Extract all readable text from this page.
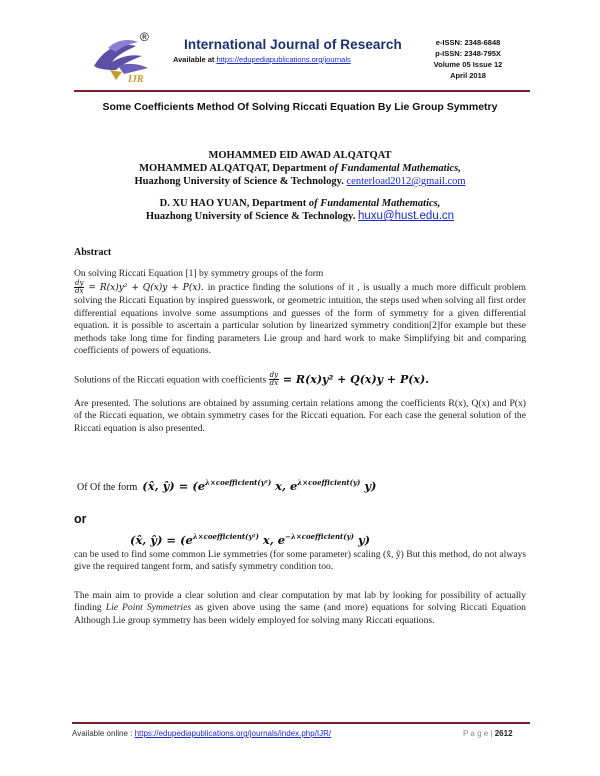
IJR
®	International Journal of Research
Available at https://edupediapublications.org/journals
e-ISSN: 2348-6848
p-ISSN: 2348-795X
Volume 05 Issue 12
April 2018
Some Coefficients Method Of Solving Riccati Equation By Lie Group Symmetry
MOHAMMED EID AWAD ALQATQAT
MOHAMMED ALQATQAT, Department of Fundamental Mathematics,
Huazhong University of Science & Technology. centerload2012@gmail.com
D. XU HAO YUAN, Department of Fundamental Mathematics,
Huazhong University of Science & Technology. huxu@hust.edu.cn
Abstract
On solving Riccati Equation [1] by symmetry groups of the form

$\frac{dy}{dx} = R(x)y^2 + Q(x)y + P(x)$. in practice finding the solutions of it , is usually a much more difficult problem solving the Riccati Equation by inspired guesswork, or geometric intuition, the steps used when solving all first order differential equations involve some assumptions and guesses of the form of symmetry for a given differential equation. it is possible to ascertain a particular solution by linearized symmetry condition[2]for example but these methods take long time for finding parameters Lie group and hard work to make Simplifying bit and comparing coefficients of powers of equations.
Solutions of the Riccati equation with coefficients $\frac{dy}{dx} = R(x)y^2 + Q(x)y + P(x)$.
Are presented. The solutions are obtained by assuming certain relations among the coefficients R(x), Q(x) and P(x) of the Riccati equation, we obtain symmetry cases for the Riccati equation. For each case the general solution of the Riccati equation is also presented.
Of Of the form (x̂, ŷ) = ($e^{\lambda\times coefficient(y^2)}$ x, $e^{\lambda\times coefficient(y)}$ y)
or
(x̂, ŷ) = ($e^{\lambda\times coefficient(y^2)}$ x, $e^{-\lambda\times coefficient(y)}$ y)
can be used to find some common Lie symmetries (for some parameter) scaling (x̂, ŷ) But this method, do not always give the required tangent form, and satisfy symmetry condition too.
The main aim to provide a clear solution and clear computation by mat lab by looking for possibility of actually finding Lie Point Symmetries as given above using the same (and more) equations for solving Riccati Equation Although Lie group symmetry has been widely employed for solving many Riccati equations.
Available online : https://edupediapublications.org/journals/index.php/IJR/	P a g e | 2612
